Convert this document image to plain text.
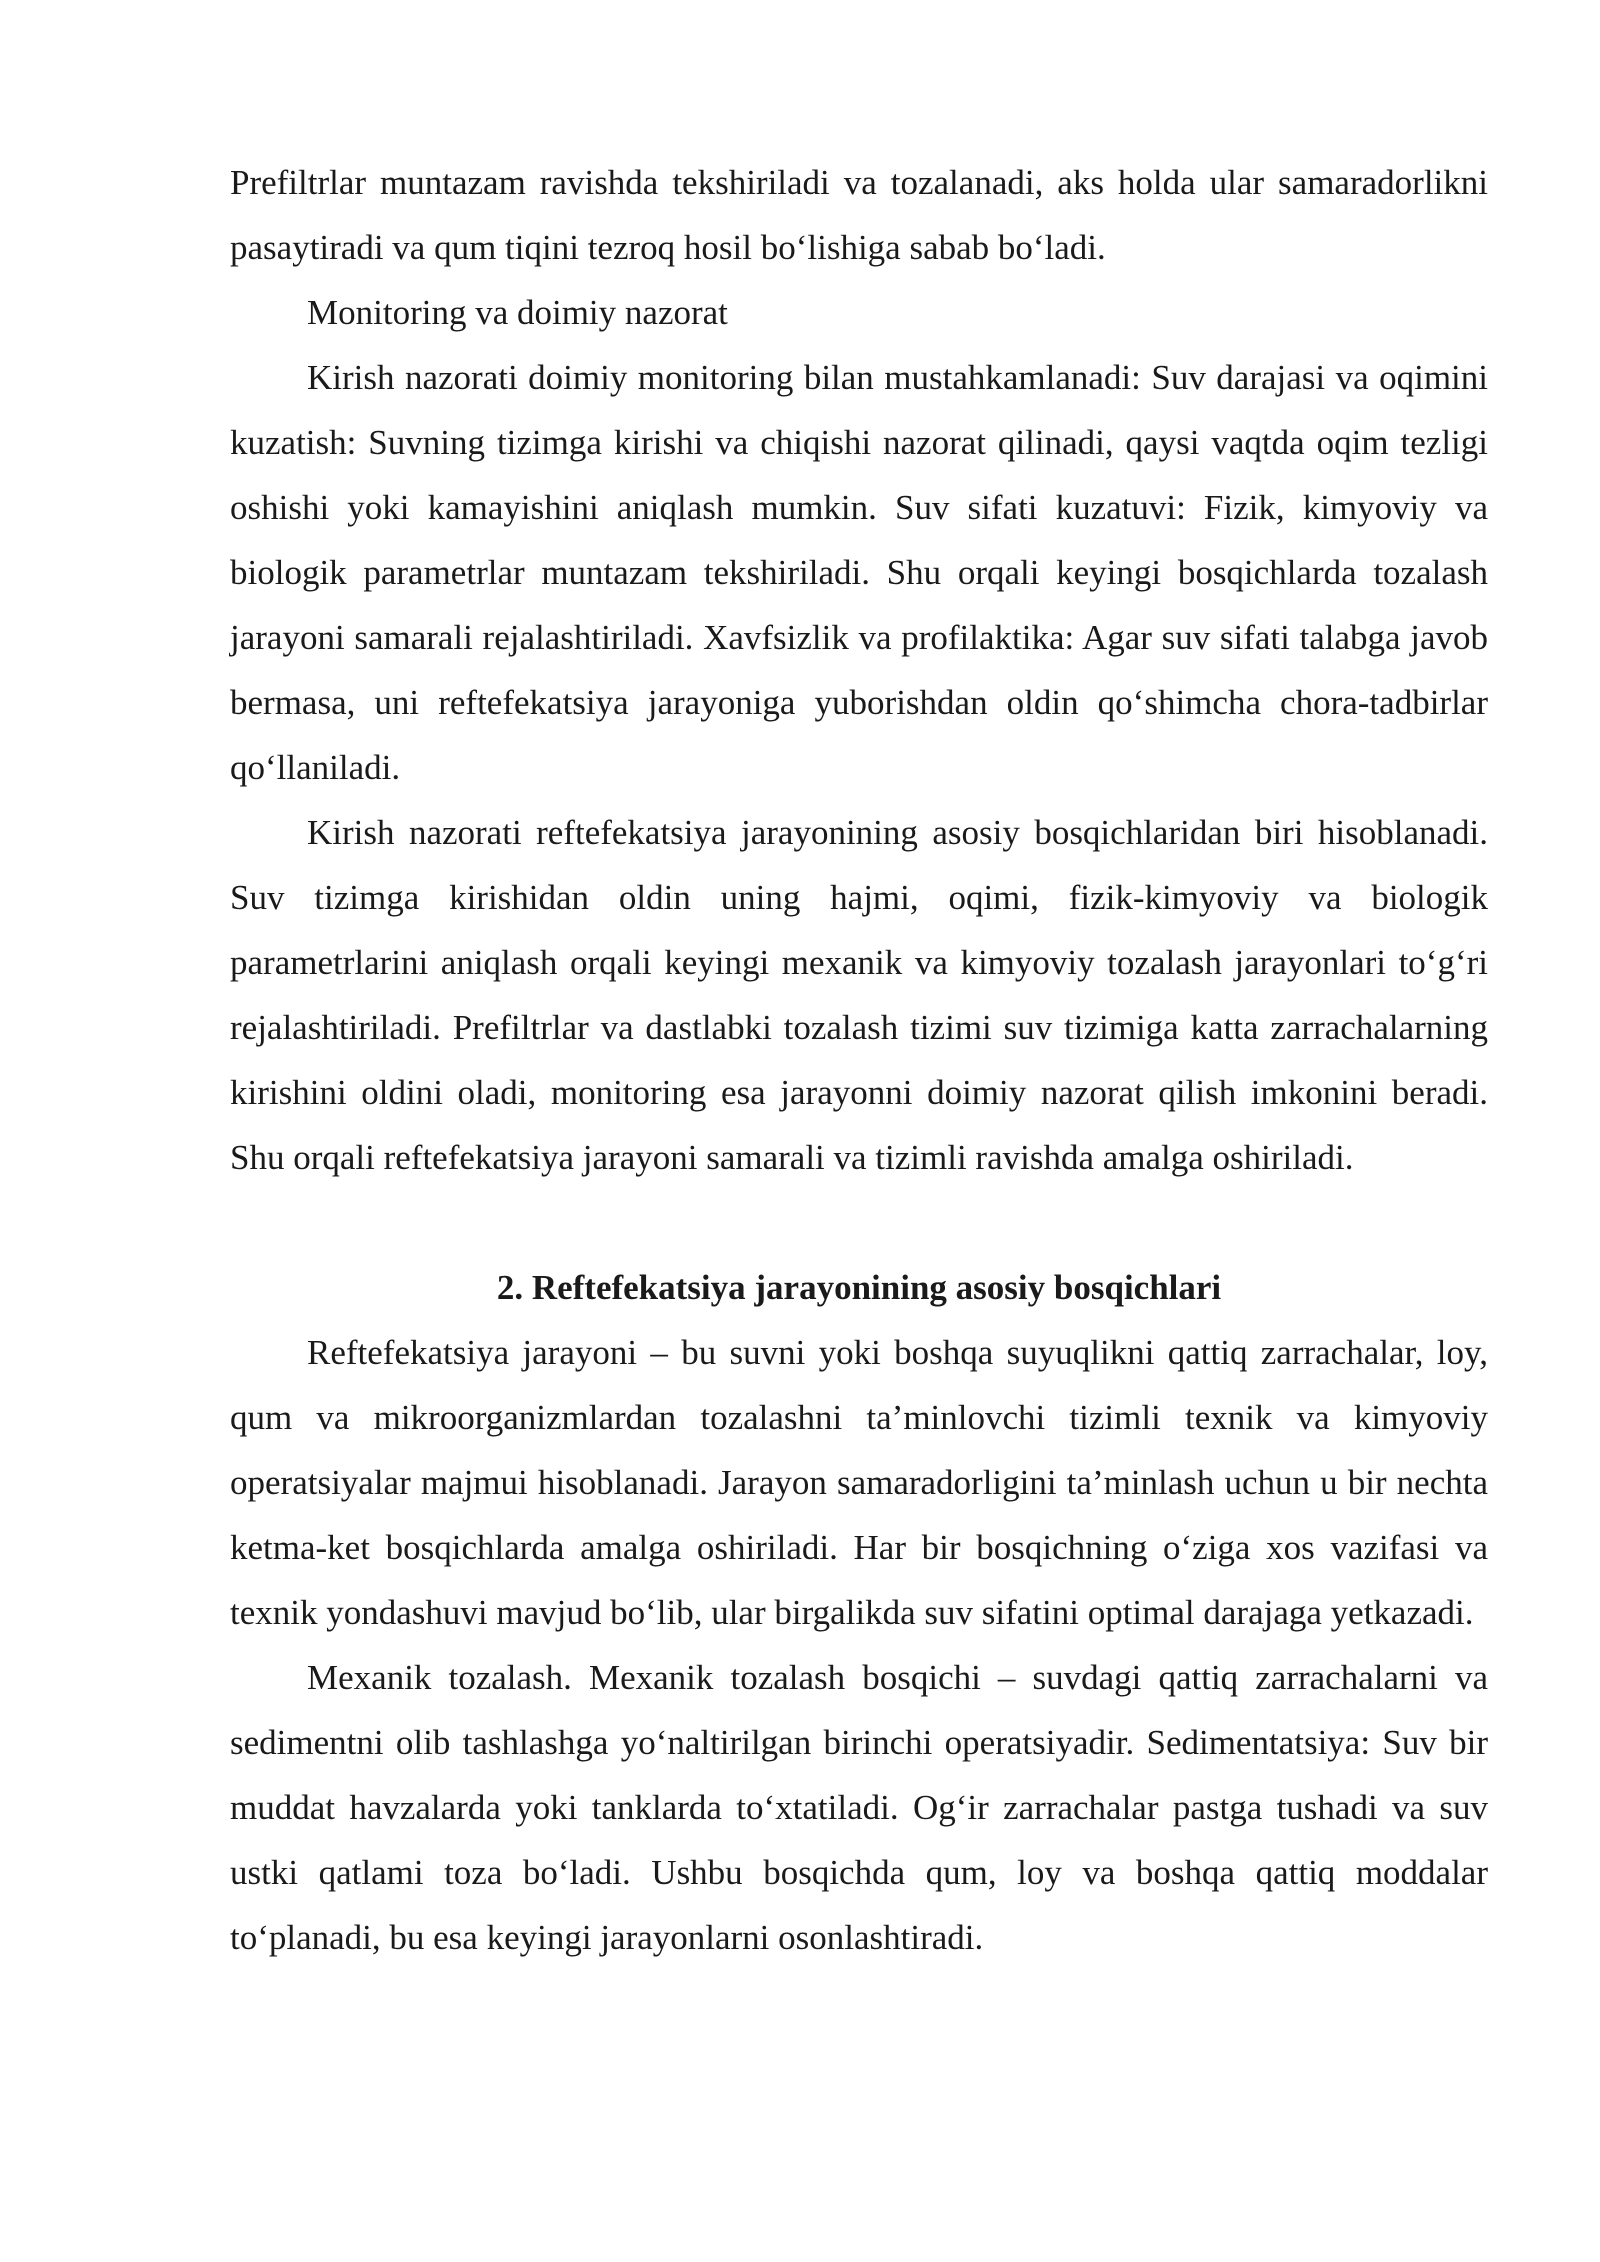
Prefiltrlar muntazam ravishda tekshiriladi va tozalanadi, aks holda ular samaradorlikni pasaytiradi va qum tiqini tezroq hosil bo‘lishiga sabab bo‘ladi.

Monitoring va doimiy nazorat

Kirish nazorati doimiy monitoring bilan mustahkamlanadi: Suv darajasi va oqimini kuzatish: Suvning tizimga kirishi va chiqishi nazorat qilinadi, qaysi vaqtda oqim tezligi oshishi yoki kamayishini aniqlash mumkin. Suv sifati kuzatuvi: Fizik, kimyoviy va biologik parametrlar muntazam tekshiriladi. Shu orqali keyingi bosqichlarda tozalash jarayoni samarali rejalashtiriladi. Xavfsizlik va profilaktika: Agar suv sifati talabga javob bermasa, uni reftefekatsiya jarayoniga yuborishdan oldin qo‘shimcha chora-tadbirlar qo‘llaniladi.

Kirish nazorati reftefekatsiya jarayonining asosiy bosqichlaridan biri hisoblanadi. Suv tizimga kirishidan oldin uning hajmi, oqimi, fizik-kimyoviy va biologik parametrlarini aniqlash orqali keyingi mexanik va kimyoviy tozalash jarayonlari to‘g‘ri rejalashtiriladi. Prefiltrlar va dastlabki tozalash tizimi suv tizimiga katta zarrachalarning kirishini oldini oladi, monitoring esa jarayonni doimiy nazorat qilish imkonini beradi. Shu orqali reftefekatsiya jarayoni samarali va tizimli ravishda amalga oshiriladi.

2. Reftefekatsiya jarayonining asosiy bosqichlari

Reftefekatsiya jarayoni – bu suvni yoki boshqa suyuqlikni qattiq zarrachalar, loy, qum va mikroorganizmlardan tozalashni ta’minlovchi tizimli texnik va kimyoviy operatsiyalar majmui hisoblanadi. Jarayon samaradorligini ta’minlash uchun u bir nechta ketma-ket bosqichlarda amalga oshiriladi. Har bir bosqichning o‘ziga xos vazifasi va texnik yondashuvi mavjud bo‘lib, ular birgalikda suv sifatini optimal darajaga yetkazadi.

Mexanik tozalash. Mexanik tozalash bosqichi – suvdagi qattiq zarrachalarni va sedimentni olib tashlashga yo‘naltirilgan birinchi operatsiyadir. Sedimentatsiya: Suv bir muddat havzalarda yoki tanklarda to‘xtatiladi. Og‘ir zarrachalar pastga tushadi va suv ustki qatlami toza bo‘ladi. Ushbu bosqichda qum, loy va boshqa qattiq moddalar to‘planadi, bu esa keyingi jarayonlarni osonlashtiradi.
